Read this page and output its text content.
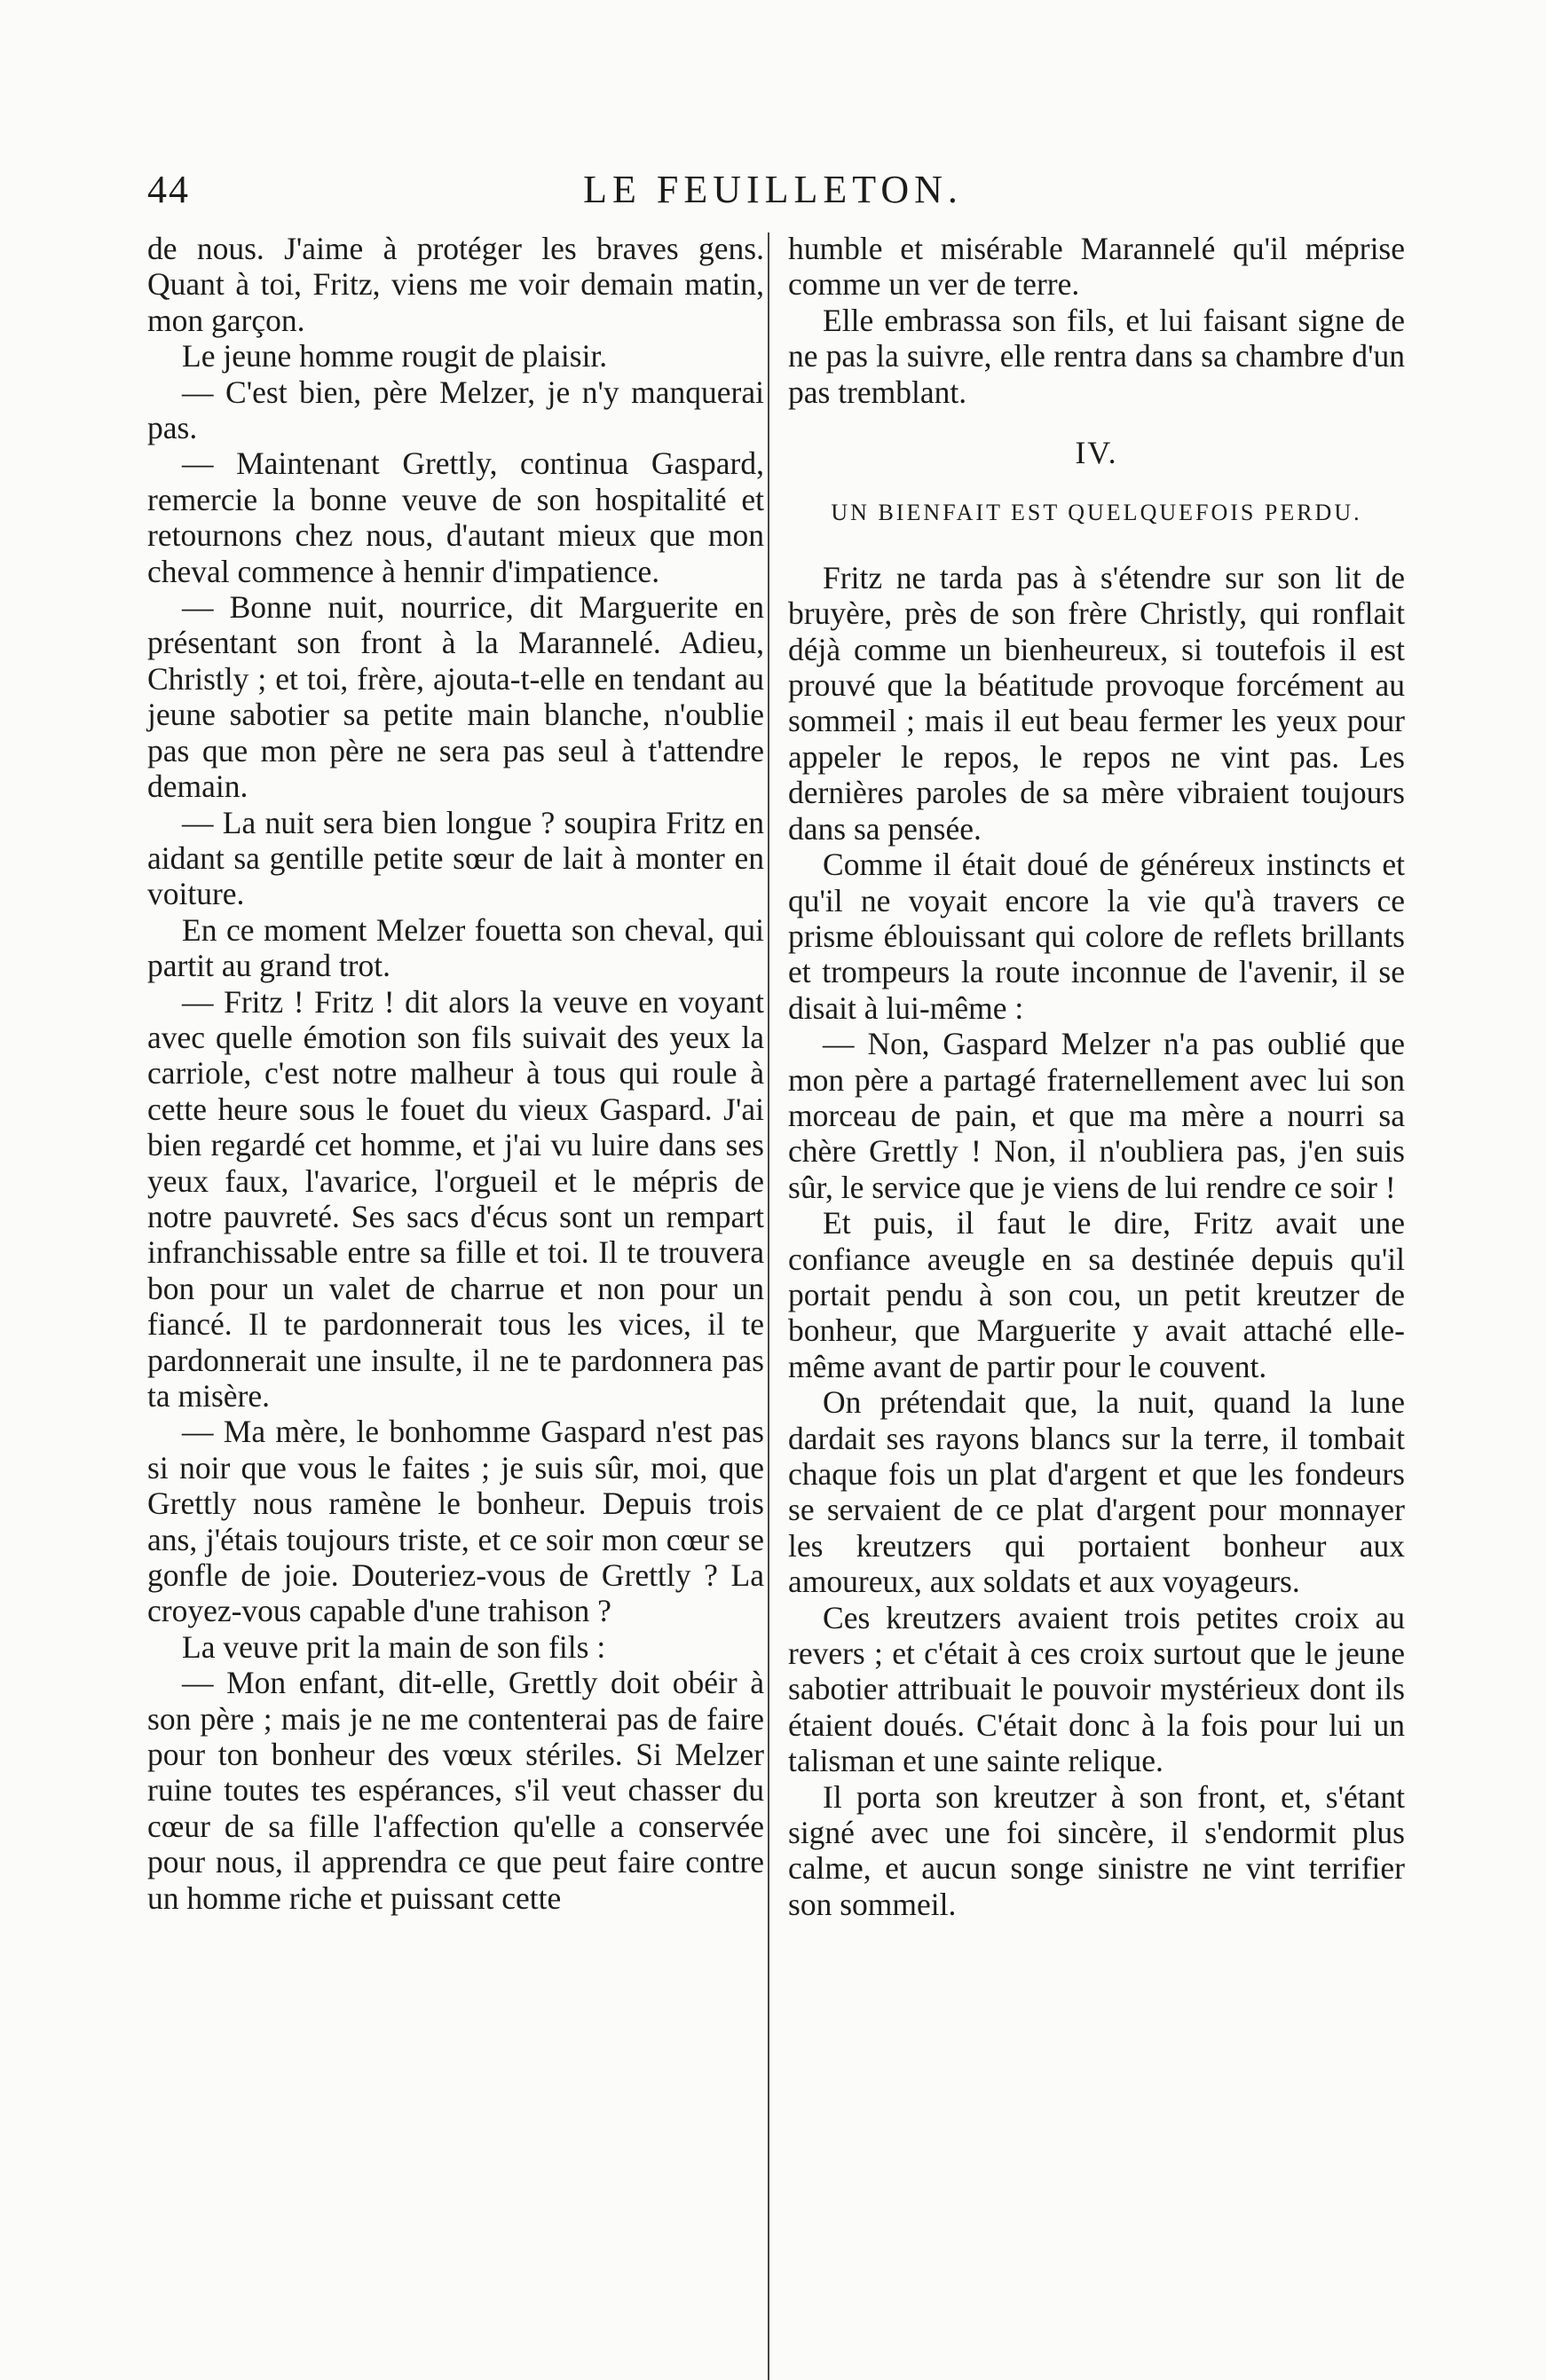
44	LE FEUILLETON.

de nous. J'aime à protéger les braves gens. Quant à toi, Fritz, viens me voir demain matin, mon garçon.

Le jeune homme rougit de plaisir.

— C'est bien, père Melzer, je n'y manquerai pas.

— Maintenant Grettly, continua Gaspard, remercie la bonne veuve de son hospitalité et retournons chez nous, d'autant mieux que mon cheval commence à hennir d'impatience.

— Bonne nuit, nourrice, dit Marguerite en présentant son front à la Marannelé. Adieu, Christly ; et toi, frère, ajouta-t-elle en tendant au jeune sabotier sa petite main blanche, n'oublie pas que mon père ne sera pas seul à t'attendre demain.

— La nuit sera bien longue ? soupira Fritz en aidant sa gentille petite sœur de lait à monter en voiture.

En ce moment Melzer fouetta son cheval, qui partit au grand trot.

— Fritz ! Fritz ! dit alors la veuve en voyant avec quelle émotion son fils suivait des yeux la carriole, c'est notre malheur à tous qui roule à cette heure sous le fouet du vieux Gaspard. J'ai bien regardé cet homme, et j'ai vu luire dans ses yeux faux, l'avarice, l'orgueil et le mépris de notre pauvreté. Ses sacs d'écus sont un rempart infranchissable entre sa fille et toi. Il te trouvera bon pour un valet de charrue et non pour un fiancé. Il te pardonnerait tous les vices, il te pardonnerait une insulte, il ne te pardonnera pas ta misère.

— Ma mère, le bonhomme Gaspard n'est pas si noir que vous le faites ; je suis sûr, moi, que Grettly nous ramène le bonheur. Depuis trois ans, j'étais toujours triste, et ce soir mon cœur se gonfle de joie. Douteriez-vous de Grettly ? La croyez-vous capable d'une trahison ?

La veuve prit la main de son fils :

— Mon enfant, dit-elle, Grettly doit obéir à son père ; mais je ne me contenterai pas de faire pour ton bonheur des vœux stériles. Si Melzer ruine toutes tes espérances, s'il veut chasser du cœur de sa fille l'affection qu'elle a conservée pour nous, il apprendra ce que peut faire contre un homme riche et puissant cette

humble et misérable Marannelé qu'il méprise comme un ver de terre.

Elle embrassa son fils, et lui faisant signe de ne pas la suivre, elle rentra dans sa chambre d'un pas tremblant.

IV.

UN BIENFAIT EST QUELQUEFOIS PERDU.

Fritz ne tarda pas à s'étendre sur son lit de bruyère, près de son frère Christly, qui ronflait déjà comme un bienheureux, si toutefois il est prouvé que la béatitude provoque forcément au sommeil ; mais il eut beau fermer les yeux pour appeler le repos, le repos ne vint pas. Les dernières paroles de sa mère vibraient toujours dans sa pensée.

Comme il était doué de généreux instincts et qu'il ne voyait encore la vie qu'à travers ce prisme éblouissant qui colore de reflets brillants et trompeurs la route inconnue de l'avenir, il se disait à lui-même :

— Non, Gaspard Melzer n'a pas oublié que mon père a partagé fraternellement avec lui son morceau de pain, et que ma mère a nourri sa chère Grettly ! Non, il n'oubliera pas, j'en suis sûr, le service que je viens de lui rendre ce soir !

Et puis, il faut le dire, Fritz avait une confiance aveugle en sa destinée depuis qu'il portait pendu à son cou, un petit kreutzer de bonheur, que Marguerite y avait attaché elle-même avant de partir pour le couvent.

On prétendait que, la nuit, quand la lune dardait ses rayons blancs sur la terre, il tombait chaque fois un plat d'argent et que les fondeurs se servaient de ce plat d'argent pour monnayer les kreutzers qui portaient bonheur aux amoureux, aux soldats et aux voyageurs.

Ces kreutzers avaient trois petites croix au revers ; et c'était à ces croix surtout que le jeune sabotier attribuait le pouvoir mystérieux dont ils étaient doués. C'était donc à la fois pour lui un talisman et une sainte relique.

Il porta son kreutzer à son front, et, s'étant signé avec une foi sincère, il s'endormit plus calme, et aucun songe sinistre ne vint terrifier son sommeil.
